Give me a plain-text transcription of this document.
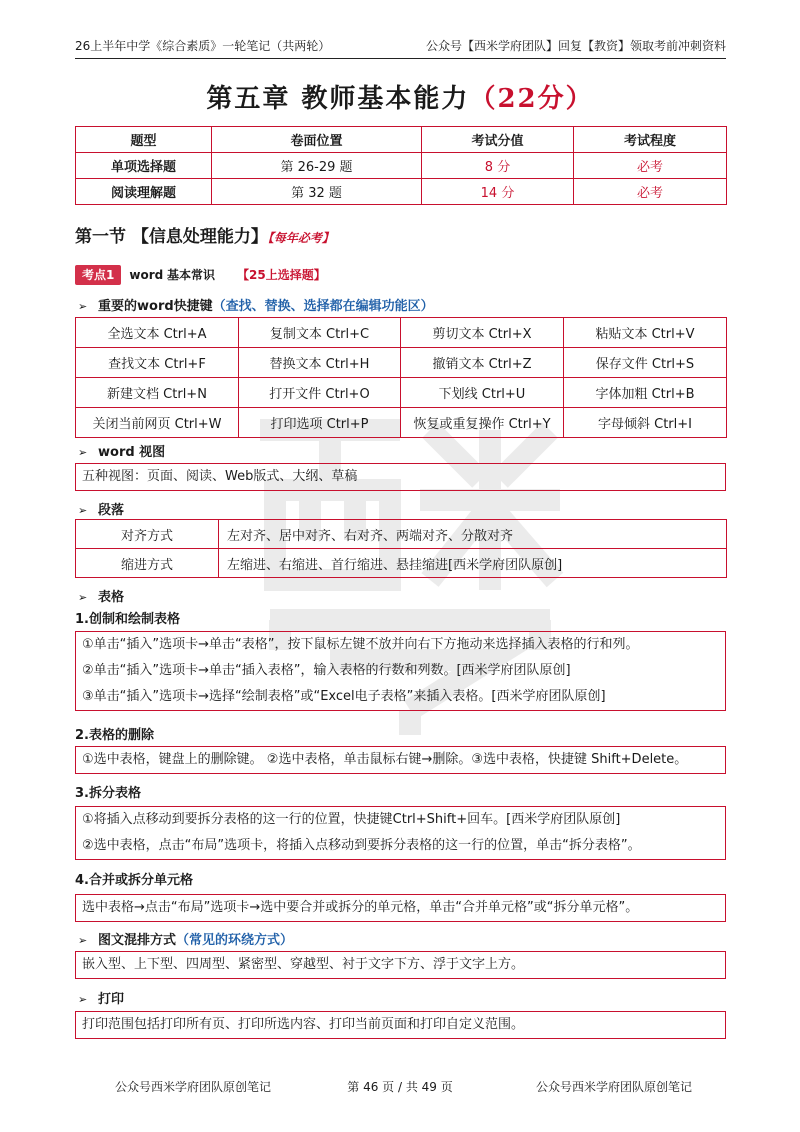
26上半年中学《综合素质》一轮笔记（共两轮）	公众号【西米学府团队】回复【教资】领取考前冲刺资料
第五章 教师基本能力（22分）
题型	卷面位置	考试分值	考试程度
单项选择题	第 26-29 题	8 分	必考
阅读理解题	第 32 题	14 分	必考
第一节 【信息处理能力】【每年必考】
考点1 word 基本常识 【25上选择题】
➢ 重要的word快捷键（查找、替换、选择都在编辑功能区）
全选文本 Ctrl+A	复制文本 Ctrl+C	剪切文本 Ctrl+X	粘贴文本 Ctrl+V
查找文本 Ctrl+F	替换文本 Ctrl+H	撤销文本 Ctrl+Z	保存文件 Ctrl+S
新建文档 Ctrl+N	打开文件 Ctrl+O	下划线 Ctrl+U	字体加粗 Ctrl+B
关闭当前网页 Ctrl+W	打印选项 Ctrl+P	恢复或重复操作 Ctrl+Y	字母倾斜 Ctrl+I
➢ word 视图
五种视图：页面、阅读、Web版式、大纲、草稿
➢ 段落
对齐方式	左对齐、居中对齐、右对齐、两端对齐、分散对齐
缩进方式	左缩进、右缩进、首行缩进、悬挂缩进[西米学府团队原创]
➢ 表格
1.创制和绘制表格
①单击“插入”选项卡→单击“表格”，按下鼠标左键不放并向右下方拖动来选择插入表格的行和列。
②单击“插入”选项卡→单击“插入表格”，输入表格的行数和列数。[西米学府团队原创]
③单击“插入”选项卡→选择“绘制表格”或“Excel电子表格”来插入表格。[西米学府团队原创]
2.表格的删除
①选中表格，键盘上的删除键。 ②选中表格，单击鼠标右键→删除。③选中表格，快捷键 Shift+Delete。
3.拆分表格
①将插入点移动到要拆分表格的这一行的位置，快捷键Ctrl+Shift+回车。[西米学府团队原创]
②选中表格，点击“布局”选项卡，将插入点移动到要拆分表格的这一行的位置，单击“拆分表格”。
4.合并或拆分单元格
选中表格→点击“布局”选项卡→选中要合并或拆分的单元格，单击“合并单元格”或“拆分单元格”。
➢ 图文混排方式（常见的环绕方式）
嵌入型、上下型、四周型、紧密型、穿越型、衬于文字下方、浮于文字上方。
➢ 打印
打印范围包括打印所有页、打印所选内容、打印当前页面和打印自定义范围。
公众号西米学府团队原创笔记	第 46 页 / 共 49 页	公众号西米学府团队原创笔记
